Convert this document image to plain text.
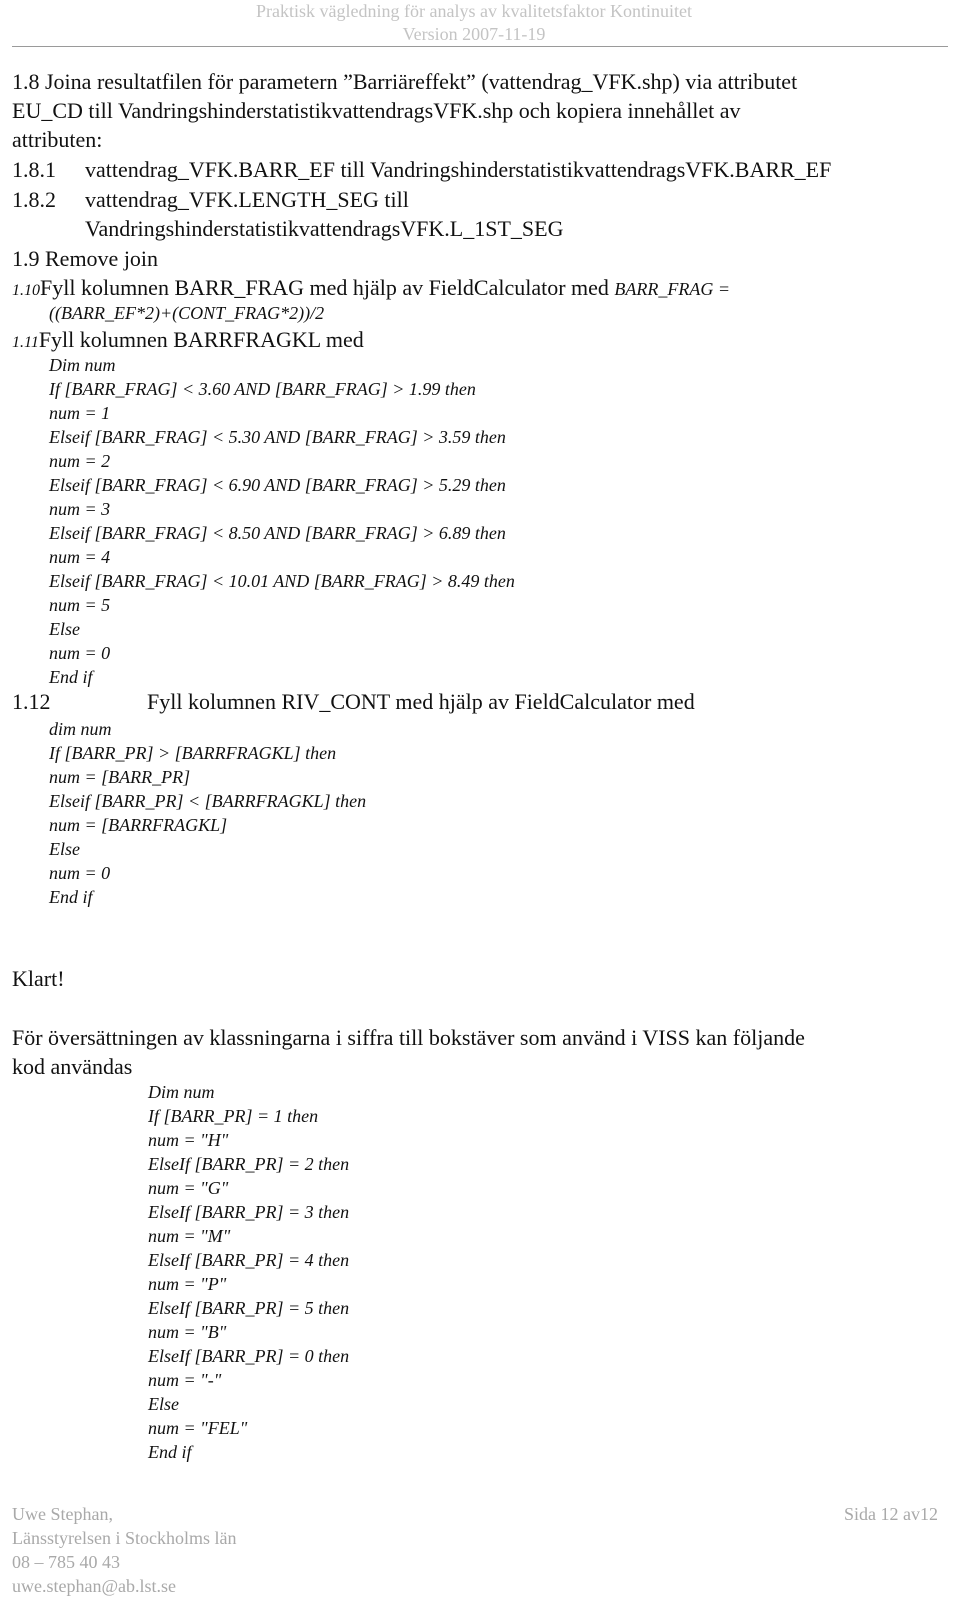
Praktisk vägledning för analys av kvalitetsfaktor Kontinuitet
Version 2007-11-19
1.8 Joina resultatfilen för parametern ”Barriäreffekt” (vattendrag_VFK.shp) via attributet
EU_CD till VandringshinderstatistikvattendragsVFK.shp och kopiera innehållet av
attributen:
1.8.1 vattendrag_VFK.BARR_EF till VandringshinderstatistikvattendragsVFK.BARR_EF
1.8.2 vattendrag_VFK.LENGTH_SEG till
VandringshinderstatistikvattendragsVFK.L_1ST_SEG
1.9 Remove join
1.10Fyll kolumnen BARR_FRAG med hjälp av FieldCalculator med BARR_FRAG =
((BARR_EF*2)+(CONT_FRAG*2))/2
1.11Fyll kolumnen BARRFRAGKL med
Dim num
If [BARR_FRAG] < 3.60 AND [BARR_FRAG] > 1.99 then
num = 1
Elseif [BARR_FRAG] < 5.30 AND [BARR_FRAG] > 3.59 then
num = 2
Elseif [BARR_FRAG] < 6.90 AND [BARR_FRAG] > 5.29 then
num = 3
Elseif [BARR_FRAG] < 8.50 AND [BARR_FRAG] > 6.89 then
num = 4
Elseif [BARR_FRAG] < 10.01 AND [BARR_FRAG] > 8.49 then
num = 5
Else
num = 0
End if
1.12	Fyll kolumnen RIV_CONT med hjälp av FieldCalculator med
dim num
If [BARR_PR] > [BARRFRAGKL] then
num = [BARR_PR]
Elseif [BARR_PR] < [BARRFRAGKL] then
num = [BARRFRAGKL]
Else
num = 0
End if
Klart!
För översättningen av klassningarna i siffra till bokstäver som använd i VISS kan följande
kod användas
Dim num
If [BARR_PR] = 1 then
num = "H"
ElseIf [BARR_PR] = 2 then
num = "G"
ElseIf [BARR_PR] = 3 then
num = "M"
ElseIf [BARR_PR] = 4 then
num = "P"
ElseIf [BARR_PR] = 5 then
num = "B"
ElseIf [BARR_PR] = 0 then
num = "-"
Else
num = "FEL"
End if
Uwe Stephan,
Länsstyrelsen i Stockholms län
08 – 785 40 43
uwe.stephan@ab.lst.se
Sida 12 av12
